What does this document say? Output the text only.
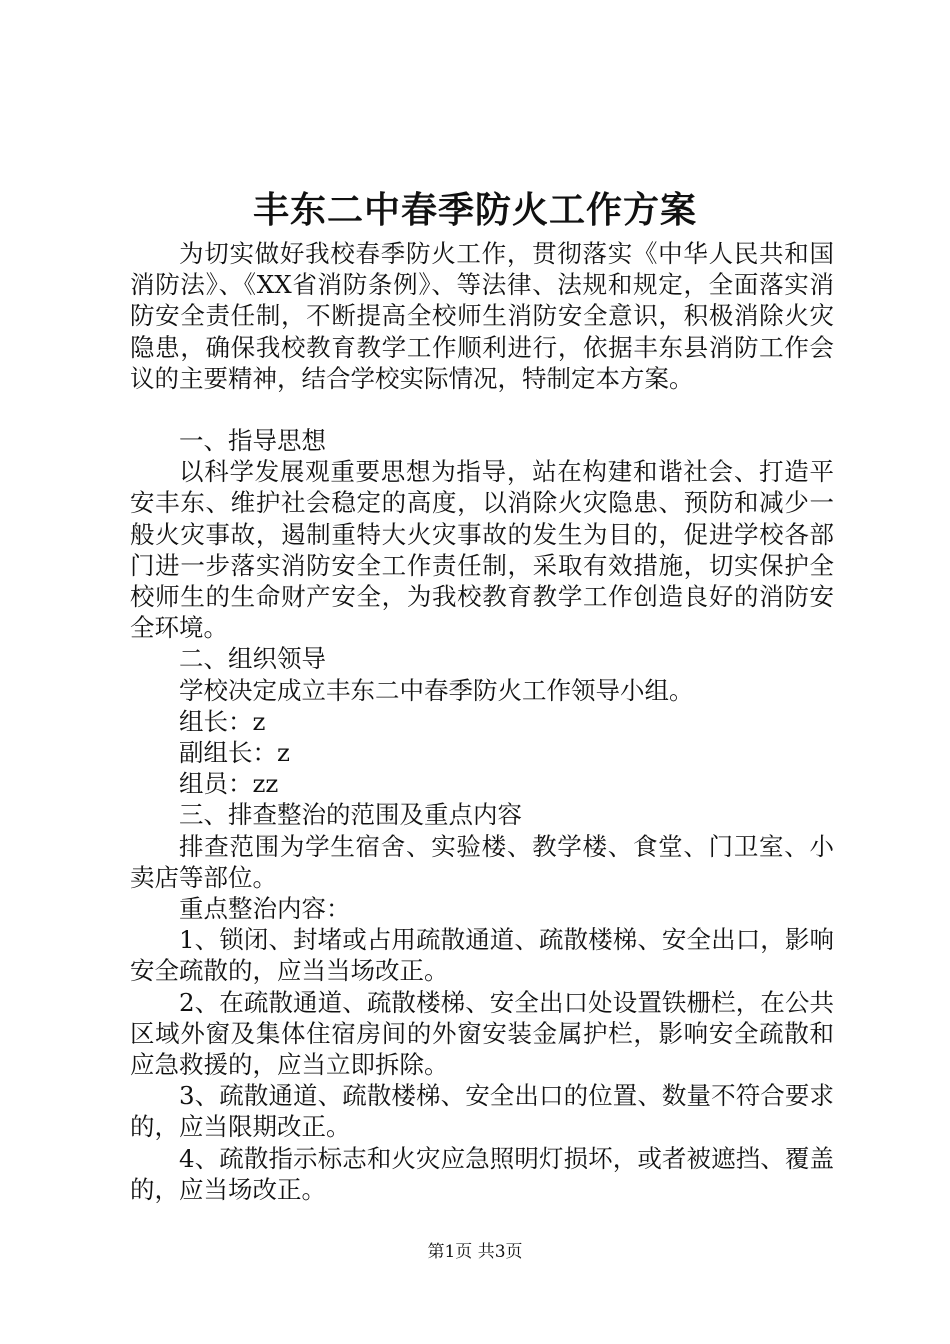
丰东二中春季防火工作方案

为切实做好我校春季防火工作，贯彻落实《中华人民共和国消防法》、《XX省消防条例》、等法律、法规和规定，全面落实消防安全责任制，不断提高全校师生消防安全意识，积极消除火灾隐患，确保我校教育教学工作顺利进行，依据丰东县消防工作会议的主要精神，结合学校实际情况，特制定本方案。

一、指导思想

以科学发展观重要思想为指导，站在构建和谐社会、打造平安丰东、维护社会稳定的高度，以消除火灾隐患、预防和减少一般火灾事故，遏制重特大火灾事故的发生为目的，促进学校各部门进一步落实消防安全工作责任制，采取有效措施，切实保护全校师生的生命财产安全，为我校教育教学工作创造良好的消防安全环境。

二、组织领导

学校决定成立丰东二中春季防火工作领导小组。

组长：z

副组长：z

组员：zz

三、排查整治的范围及重点内容

排查范围为学生宿舍、实验楼、教学楼、食堂、门卫室、小卖店等部位。

重点整治内容：

1、锁闭、封堵或占用疏散通道、疏散楼梯、安全出口，影响安全疏散的，应当当场改正。

2、在疏散通道、疏散楼梯、安全出口处设置铁栅栏，在公共区域外窗及集体住宿房间的外窗安装金属护栏，影响安全疏散和应急救援的，应当立即拆除。

3、疏散通道、疏散楼梯、安全出口的位置、数量不符合要求的，应当限期改正。

4、疏散指示标志和火灾应急照明灯损坏，或者被遮挡、覆盖的，应当场改正。

第1页 共3页
